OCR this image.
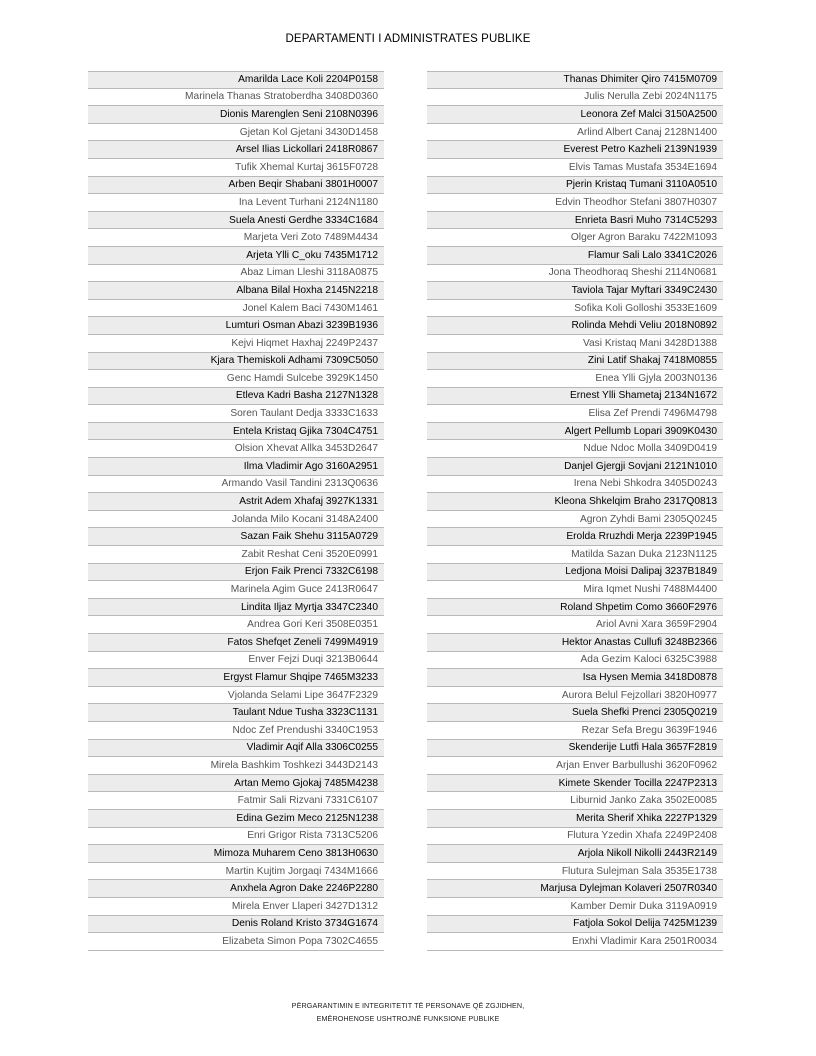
DEPARTAMENTI I ADMINISTRATES PUBLIKE
Amarilda Lace Koli 2204P0158
Marinela Thanas Stratoberdha 3408D0360
Dionis Marenglen Seni 2108N0396
Gjetan Kol Gjetani 3430D1458
Arsel Ilias Lickollari 2418R0867
Tufik Xhemal Kurtaj 3615F0728
Arben Beqir Shabani 3801H0007
Ina Levent Turhani 2124N1180
Suela Anesti Gerdhe 3334C1684
Marjeta Veri Zoto 7489M4434
Arjeta Ylli C_oku 7435M1712
Abaz Liman Lleshi 3118A0875
Albana Bilal Hoxha 2145N2218
Jonel Kalem Baci 7430M1461
Lumturi Osman Abazi 3239B1936
Kejvi Hiqmet Haxhaj 2249P2437
Kjara Themiskoli Adhami 7309C5050
Genc Hamdi Sulcebe 3929K1450
Etleva Kadri Basha 2127N1328
Soren Taulant Dedja 3333C1633
Entela Kristaq Gjika 7304C4751
Olsion Xhevat Allka 3453D2647
Ilma Vladimir Ago 3160A2951
Armando Vasil Tandini 2313Q0636
Astrit Adem Xhafaj 3927K1331
Jolanda Milo Kocani 3148A2400
Sazan Faik Shehu 3115A0729
Zabit Reshat Ceni 3520E0991
Erjon Faik Prenci 7332C6198
Marinela Agim Guce 2413R0647
Lindita Iljaz Myrtja 3347C2340
Andrea Gori Keri 3508E0351
Fatos Shefqet Zeneli 7499M4919
Enver Fejzi Duqi 3213B0644
Ergyst Flamur Shqipe 7465M3233
Vjolanda Selami Lipe 3647F2329
Taulant Ndue Tusha 3323C1131
Ndoc Zef Prendushi 3340C1953
Vladimir Aqif Alla 3306C0255
Mirela Bashkim Toshkezi 3443D2143
Artan Memo Gjokaj 7485M4238
Fatmir Sali Rizvani 7331C6107
Edina Gezim Meco 2125N1238
Enri Grigor Rista 7313C5206
Mimoza Muharem Ceno 3813H0630
Martin Kujtim Jorgaqi 7434M1666
Anxhela Agron Dake 2246P2280
Mirela Enver Llaperi 3427D1312
Denis Roland Kristo 3734G1674
Elizabeta Simon Popa 7302C4655
Thanas Dhimiter Qiro 7415M0709
Julis Nerulla Zebi 2024N1175
Leonora Zef Malci 3150A2500
Arlind Albert Canaj 2128N1400
Everest Petro Kazheli 2139N1939
Elvis Tamas Mustafa 3534E1694
Pjerin Kristaq Tumani 3110A0510
Edvin Theodhor Stefani 3807H0307
Enrieta Basri Muho 7314C5293
Olger Agron Baraku 7422M1093
Flamur Sali Lalo 3341C2026
Jona Theodhoraq Sheshi 2114N0681
Taviola Tajar Myftari 3349C2430
Sofika Koli Golloshi 3533E1609
Rolinda Mehdi Veliu 2018N0892
Vasi Kristaq Mani 3428D1388
Zini Latif Shakaj 7418M0855
Enea Ylli Gjyla 2003N0136
Ernest Ylli Shametaj 2134N1672
Elisa Zef Prendi 7496M4798
Algert Pellumb Lopari 3909K0430
Ndue Ndoc Molla 3409D0419
Danjel Gjergji Sovjani 2121N1010
Irena Nebi Shkodra 3405D0243
Kleona Shkelqim Braho 2317Q0813
Agron Zyhdi Bami 2305Q0245
Erolda Rruzhdi Merja 2239P1945
Matilda Sazan Duka 2123N1125
Ledjona Moisi Dalipaj 3237B1849
Mira Iqmet Nushi 7488M4400
Roland Shpetim Como 3660F2976
Ariol Avni Xara 3659F2904
Hektor Anastas Cullufi 3248B2366
Ada Gezim Kaloci 6325C3988
Isa Hysen Memia 3418D0878
Aurora Belul Fejzollari 3820H0977
Suela Shefki Prenci 2305Q0219
Rezar Sefa Bregu 3639F1946
Skenderije Lutfi Hala 3657F2819
Arjan Enver Barbullushi 3620F0962
Kimete Skender Tocilla 2247P2313
Liburnid Janko Zaka 3502E0085
Merita Sherif Xhika 2227P1329
Flutura Yzedin Xhafa 2249P2408
Arjola Nikoll Nikolli 2443R2149
Flutura Sulejman Sala 3535E1738
Marjusa Dylejman Kolaveri 2507R0340
Kamber Demir Duka 3119A0919
Fatjola Sokol Delija 7425M1239
Enxhi Vladimir Kara 2501R0034
PËRGARANTIMIN E INTEGRITETIT TË PERSONAVE QË ZGJIDHEN,
EMËROHENOSE USHTROJNË FUNKSIONE PUBLIKE
